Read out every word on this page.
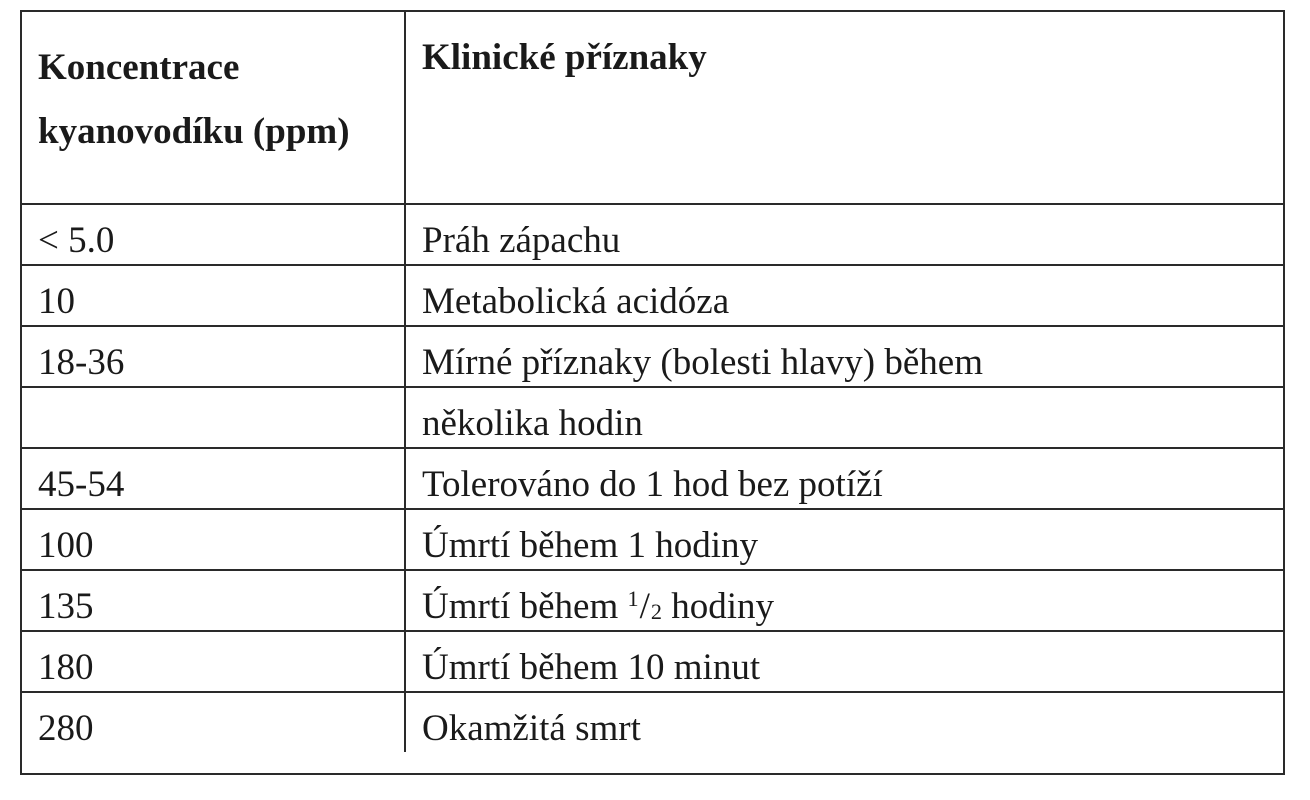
Koncentrace kyanovodíku (ppm)	Klinické příznaky
< 5.0	Práh zápachu
10	Metabolická acidóza
18-36	Mírné příznaky (bolesti hlavy) během
	několika hodin
45-54	Tolerováno do 1 hod bez potíží
100	Úmrtí během 1 hodiny
135	Úmrtí během $^1/_2$ hodiny
180	Úmrtí během 10 minut
280	Okamžitá smrt
